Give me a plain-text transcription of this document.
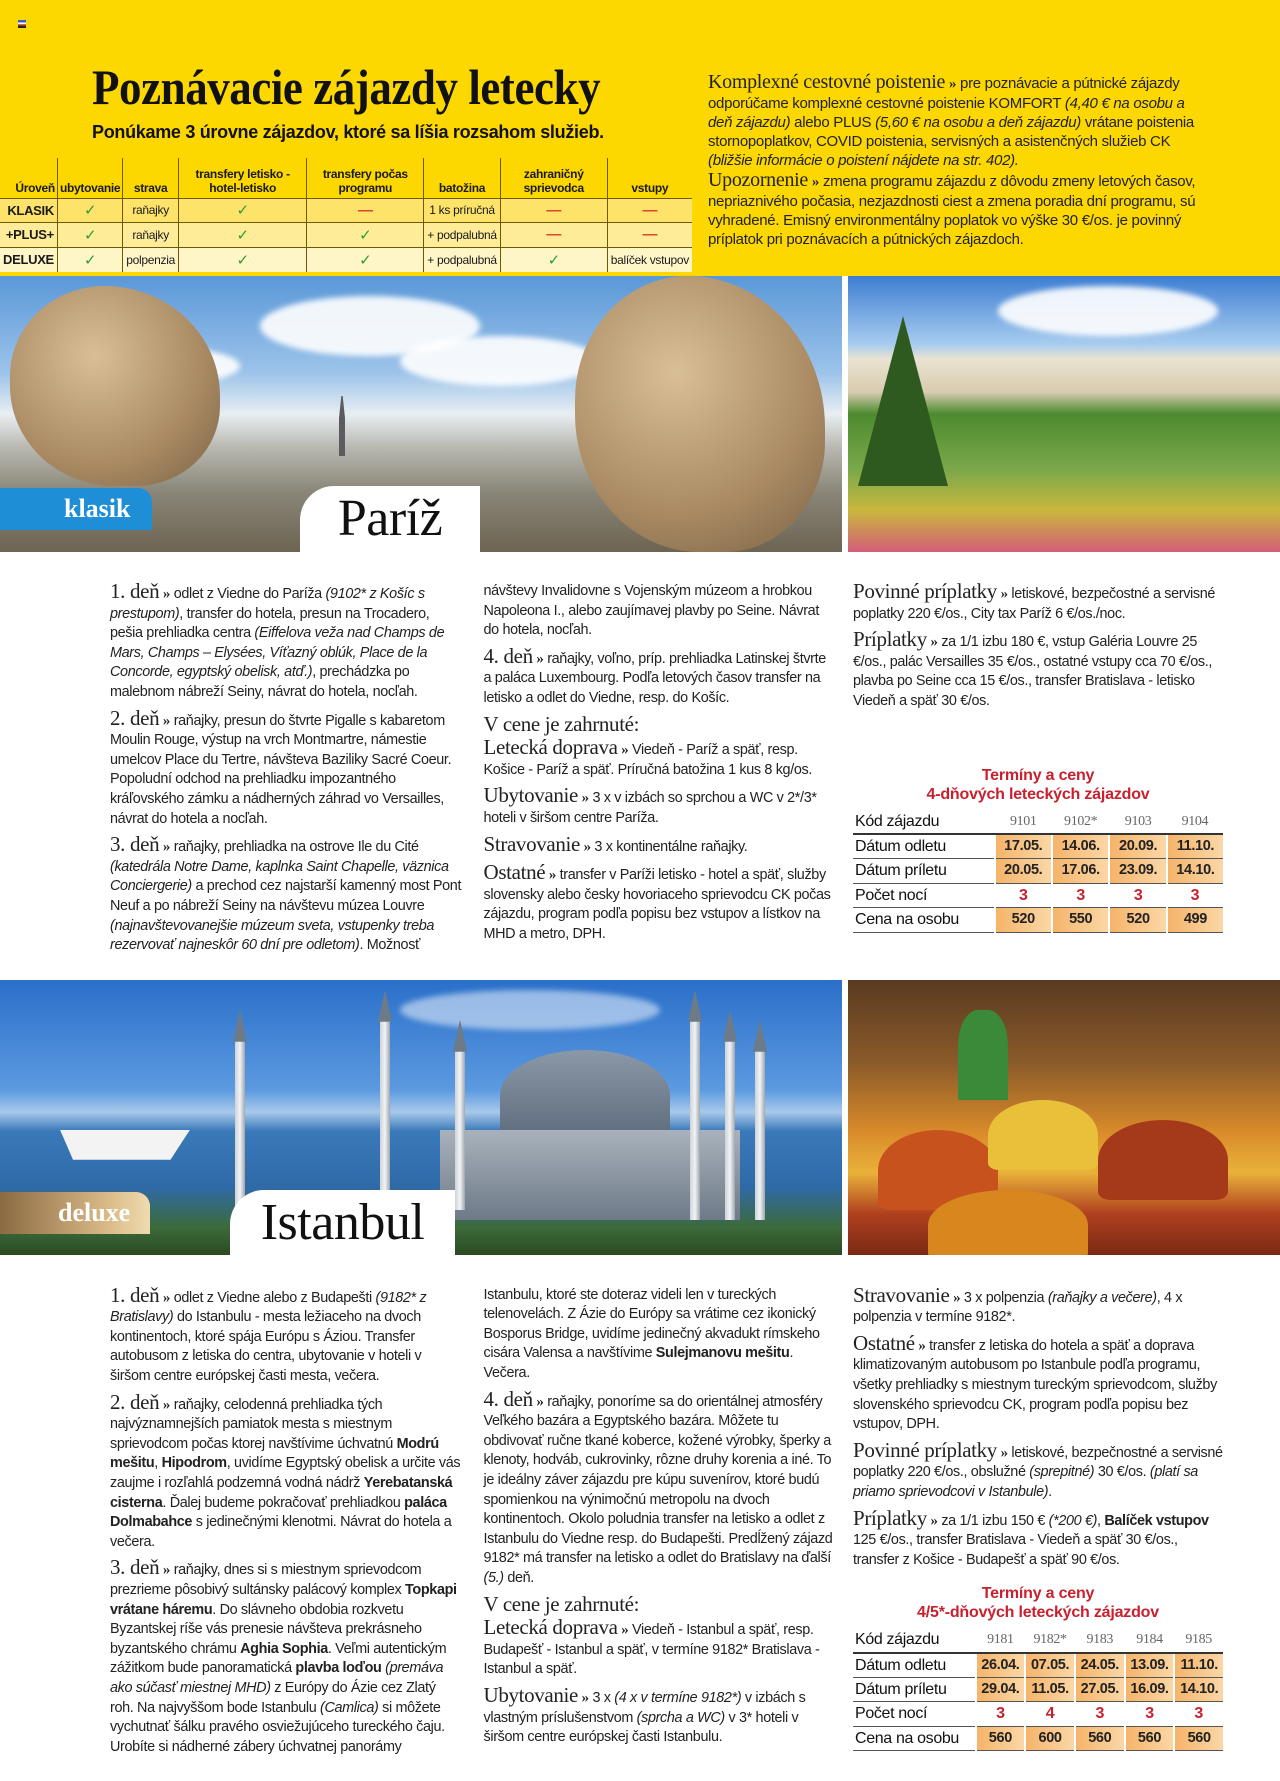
Poznávacie zájazdy letecky
Ponúkame 3 úrovne zájazdov, ktoré sa líšia rozsahom služieb.
Úroveň	ubytovanie	strava	transfery letisko -hotel-letisko	transfery počas programu	batožina	zahraničný sprievodca	vstupy
KLASIK	✓	raňajky	✓	—	1 ks príručná	—	—
+PLUS+	✓	raňajky	✓	✓	+ podpalubná	—	—
DELUXE	✓	polpenzia	✓	✓	+ podpalubná	✓	balíček vstupov

Komplexné cestovné poistenie » pre poznávacie a pútnické zájazdy odporúčame komplexné cestovné poistenie KOMFORT (4,40 € na osobu a deň zájazdu) alebo PLUS (5,60 € na osobu a deň zájazdu) vrátane poistenia stornopoplatkov, COVID poistenia, servisných a asistenčných služieb CK (bližšie informácie o poistení nájdete na str. 402).

Upozornenie » zmena programu zájazdu z dôvodu zmeny letových časov, nepriaznivého počasia, nezjazdnosti ciest a zmena poradia dní programu, sú vyhradené. Emisný environmentálny poplatok vo výške 30 €/os. je povinný príplatok pri poznávacích a pútnických zájazdoch.

klasik	Paríž

1. deň » odlet z Viedne do Paríža (9102* z Košíc s prestupom), transfer do hotela, presun na Trocadero, pešia prehliadka centra (Eiffelova veža nad Champs de Mars, Champs – Elysées, Víťazný oblúk, Place de la Concorde, egyptský obelisk, atď.), prechádzka po malebnom nábreží Seiny, návrat do hotela, nocľah.

2. deň » raňajky, presun do štvrte Pigalle s kabaretom Moulin Rouge, výstup na vrch Montmartre, námestie umelcov Place du Tertre, návšteva Baziliky Sacré Coeur. Popoludní odchod na prehliadku impozantného kráľovského zámku a nádherných záhrad vo Versailles, návrat do hotela a nocľah.

3. deň » raňajky, prehliadka na ostrove Ile du Cité (katedrála Notre Dame, kaplnka Saint Chapelle, väznica Conciergerie) a prechod cez najstarší kamenný most Pont Neuf a po nábreží Seiny na návštevu múzea Louvre (najnavštevovanejšie múzeum sveta, vstupenky treba rezervovať najneskôr 60 dní pre odletom). Možnosť návštevy Invalidovne s Vojenským múzeom a hrobkou Napoleona I., alebo zaujímavej plavby po Seine. Návrat do hotela, nocľah.

4. deň » raňajky, voľno, príp. prehliadka Latinskej štvrte a paláca Luxembourg. Podľa letových časov transfer na letisko a odlet do Viedne, resp. do Košíc.

V cene je zahrnuté:

Letecká doprava » Viedeň - Paríž a späť, resp. Košice - Paríž a späť. Príručná batožina 1 kus 8 kg/os.

Ubytovanie » 3 x v izbách so sprchou a WC v 2*/3* hoteli v širšom centre Paríža.

Stravovanie » 3 x kontinentálne raňajky.

Ostatné » transfer v Paríži letisko - hotel a späť, služby slovensky alebo česky hovoriaceho sprievodcu CK počas zájazdu, program podľa popisu bez vstupov a lístkov na MHD a metro, DPH.

Povinné príplatky » letiskové, bezpečostné a servisné poplatky 220 €/os., City tax Paríž 6 €/os./noc.

Príplatky » za 1/1 izbu 180 €, vstup Galéria Louvre 25 €/os., palác Versailles 35 €/os., ostatné vstupy cca 70 €/os., plavba po Seine cca 15 €/os., transfer Bratislava - letisko Viedeň a späť 30 €/os.

Termíny a ceny
4-dňových leteckých zájazdov
Kód zájazdu	9101	9102*	9103	9104
Dátum odletu	17.05.	14.06.	20.09.	11.10.
Dátum príletu	20.05.	17.06.	23.09.	14.10.
Počet nocí	3	3	3	3
Cena na osobu	520	550	520	499
deluxe	Istanbul

1. deň » odlet z Viedne alebo z Budapešti (9182* z Bratislavy) do Istanbulu - mesta ležiaceho na dvoch kontinentoch, ktoré spája Európu s Áziou. Transfer autobusom z letiska do centra, ubytovanie v hoteli v širšom centre európskej časti mesta, večera.

2. deň » raňajky, celodenná prehliadka tých najvýznamnejších pamiatok mesta s miestnym sprievodcom počas ktorej navštívime úchvatnú Modrú mešitu, Hipodrom, uvidíme Egyptský obelisk a určite vás zaujme i rozľahlá podzemná vodná nádrž Yerebatanská cisterna. Ďalej budeme pokračovať prehliadkou paláca Dolmabahce s jedinečnými klenotmi. Návrat do hotela a večera.

3. deň » raňajky, dnes si s miestnym sprievodcom prezrieme pôsobivý sultánsky palácový komplex Topkapi vrátane háremu. Do slávneho obdobia rozkvetu Byzantskej ríše vás prenesie návšteva prekrásneho byzantského chrámu Aghia Sophia. Veľmi autentickým zážitkom bude panoramatická plavba loďou (premáva ako súčasť miestnej MHD) z Európy do Ázie cez Zlatý roh. Na najvyššom bode Istanbulu (Camlica) si môžete vychutnať šálku pravého osviežujúceho tureckého čaju. Urobíte si nádherné zábery úchvatnej panorámy Istanbulu, ktoré ste doteraz videli len v tureckých telenovelách. Z Ázie do Európy sa vrátime cez ikonický Bosporus Bridge, uvidíme jedinečný akvadukt rímskeho cisára Valensa a navštívime Sulejmanovu mešitu. Večera.

4. deň » raňajky, ponoríme sa do orientálnej atmosféry Veľkého bazára a Egyptského bazára. Môžete tu obdivovať ručne tkané koberce, kožené výrobky, šperky a klenoty, hodváb, cukrovinky, rôzne druhy korenia a iné. To je ideálny záver zájazdu pre kúpu suvenírov, ktoré budú spomienkou na výnimočnú metropolu na dvoch kontinentoch. Okolo poludnia transfer na letisko a odlet z Istanbulu do Viedne resp. do Budapešti. Predĺžený zájazd 9182* má transfer na letisko a odlet do Bratislavy na ďalší (5.) deň.

V cene je zahrnuté:

Letecká doprava » Viedeň - Istanbul a späť, resp. Budapešť - Istanbul a späť, v termíne 9182* Bratislava - Istanbul a späť.

Ubytovanie » 3 x (4 x v termíne 9182*) v izbách s vlastným príslušenstvom (sprcha a WC) v 3* hoteli v širšom centre európskej časti Istanbulu.

Stravovanie » 3 x polpenzia (raňajky a večere), 4 x polpenzia v termíne 9182*.

Ostatné » transfer z letiska do hotela a späť a doprava klimatizovaným autobusom po Istanbule podľa programu, všetky prehliadky s miestnym tureckým sprievodcom, služby slovenského sprievodcu CK, program podľa popisu bez vstupov, DPH.

Povinné príplatky » letiskové, bezpečnostné a servisné poplatky 220 €/os., obslužné (sprepitné) 30 €/os. (platí sa priamo sprievodcovi v Istanbule).

Príplatky » za 1/1 izbu 150 € (*200 €), Balíček vstupov 125 €/os., transfer Bratislava - Viedeň a späť 30 €/os., transfer z Košice - Budapešť a späť 90 €/os.

Termíny a ceny
4/5*-dňových leteckých zájazdov
Kód zájazdu	9181	9182*	9183	9184	9185
Dátum odletu	26.04.	07.05.	24.05.	13.09.	11.10.
Dátum príletu	29.04.	11.05.	27.05.	16.09.	14.10.
Počet nocí	3	4	3	3	3
Cena na osobu	560	600	560	560	560
